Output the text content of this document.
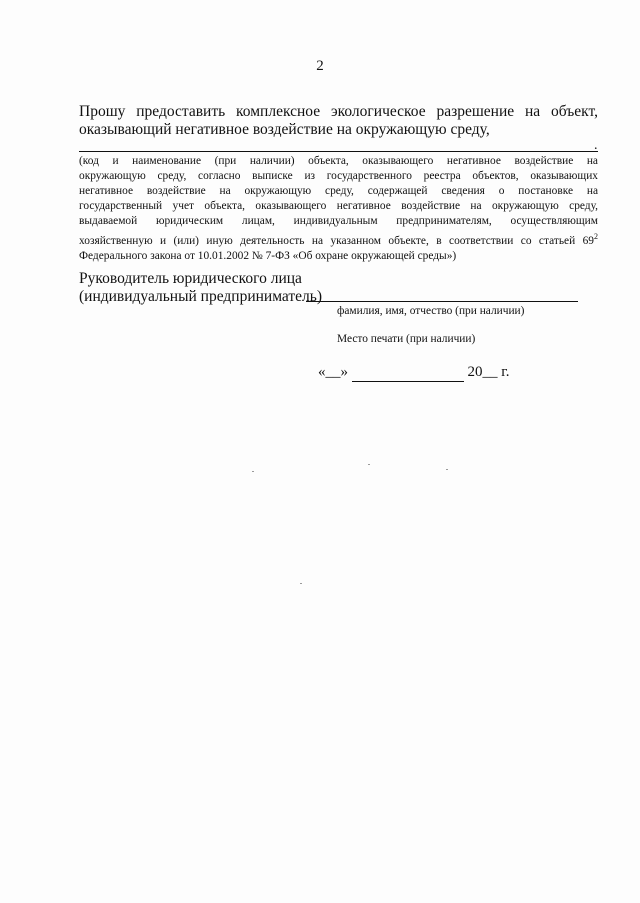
2
Прошу предоставить комплексное экологическое разрешение на объект,
оказывающий негативное воздействие на окружающую среду,
.
(код и наименование (при наличии) объекта, оказывающего негативное воздействие на
окружающую среду, согласно выписке из государственного реестра объектов, оказывающих
негативное воздействие на окружающую среду, содержащей сведения о постановке на
государственный учет объекта, оказывающего негативное воздействие на окружающую среду,
выдаваемой юридическим лицам, индивидуальным предпринимателям, осуществляющим
хозяйственную и (или) иную деятельность на указанном объекте, в соответствии со статьей $69^2$
Федерального закона от 10.01.2002 № 7-ФЗ «Об охране окружающей среды»)
Руководитель юридического лица
(индивидуальный предприниматель)
фамилия, имя, отчество (при наличии)
Место печати (при наличии)
«__»	20__ г.
